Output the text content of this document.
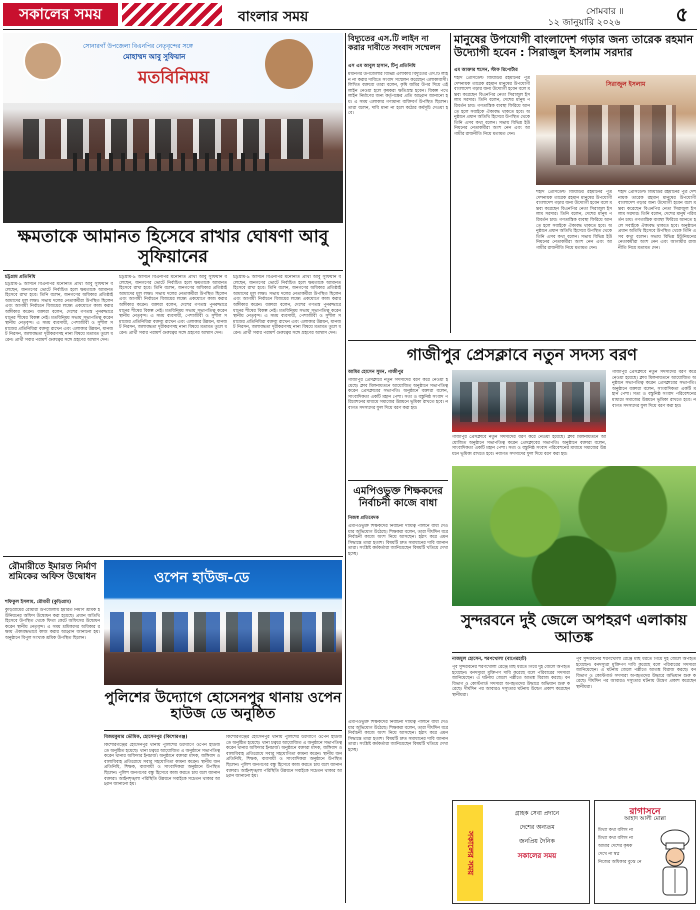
সকালের সময়	বাংলার সময়	সোমবার ॥
১২ জানুয়ারি ২০২৬	৫
সোনারগাঁ উপজেলা বিএনপির নেতৃবৃন্দের সঙ্গে
মোহাম্মদ আবু সুফিয়ান
মতবিনিময়
ক্ষমতাকে আমানত হিসেবে রাখার ঘোষণা আবু সুফিয়ানের
চট্টগ্রাম প্রতিনিধি
চট্টগ্রাম-৯ আসনে বিএনপির মনোনীত প্রার্থী আবু সুফিয়ান বলেছেন, জনগণের ভোটে নির্বাচিত হলে ক্ষমতাকে আমানত হিসেবে রাখা হবে। তিনি বলেন, জনগণের অধিকার প্রতিষ্ঠাই আমাদের মূল লক্ষ্য। সভায় দলের নেতাকর্মীরা উপস্থিত ছিলেন এবং আগামী নির্বাচনে বিজয়ের লক্ষ্যে একযোগে কাজ করার অঙ্গীকার করেন। বক্তারা বলেন, দেশের গণতন্ত্র পুনরুদ্ধারে ধানের শীষের বিকল্প নেই। মতবিনিময় সভায় সভাপতিত্ব করেন স্থানীয় নেতৃবৃন্দ। এ সময় ব্যবসায়ী, পেশাজীবী ও সুশীল সমাজের প্রতিনিধিরা বক্তব্য রাখেন এবং এলাকার উন্নয়ন, যানজট নিরসন, জলাবদ্ধতা দূরীকরণসহ নানা বিষয়ে মতামত তুলে ধরেন। প্রার্থী সবার পরামর্শ গুরুত্বের সঙ্গে গ্রহণের আশ্বাস দেন।
চট্টগ্রাম-৯ আসনে বিএনপির মনোনীত প্রার্থী আবু সুফিয়ান বলেছেন, জনগণের ভোটে নির্বাচিত হলে ক্ষমতাকে আমানত হিসেবে রাখা হবে। তিনি বলেন, জনগণের অধিকার প্রতিষ্ঠাই আমাদের মূল লক্ষ্য। সভায় দলের নেতাকর্মীরা উপস্থিত ছিলেন এবং আগামী নির্বাচনে বিজয়ের লক্ষ্যে একযোগে কাজ করার অঙ্গীকার করেন। বক্তারা বলেন, দেশের গণতন্ত্র পুনরুদ্ধারে ধানের শীষের বিকল্প নেই। মতবিনিময় সভায় সভাপতিত্ব করেন স্থানীয় নেতৃবৃন্দ। এ সময় ব্যবসায়ী, পেশাজীবী ও সুশীল সমাজের প্রতিনিধিরা বক্তব্য রাখেন এবং এলাকার উন্নয়ন, যানজট নিরসন, জলাবদ্ধতা দূরীকরণসহ নানা বিষয়ে মতামত তুলে ধরেন। প্রার্থী সবার পরামর্শ গুরুত্বের সঙ্গে গ্রহণের আশ্বাস দেন।
চট্টগ্রাম-৯ আসনে বিএনপির মনোনীত প্রার্থী আবু সুফিয়ান বলেছেন, জনগণের ভোটে নির্বাচিত হলে ক্ষমতাকে আমানত হিসেবে রাখা হবে। তিনি বলেন, জনগণের অধিকার প্রতিষ্ঠাই আমাদের মূল লক্ষ্য। সভায় দলের নেতাকর্মীরা উপস্থিত ছিলেন এবং আগামী নির্বাচনে বিজয়ের লক্ষ্যে একযোগে কাজ করার অঙ্গীকার করেন। বক্তারা বলেন, দেশের গণতন্ত্র পুনরুদ্ধারে ধানের শীষের বিকল্প নেই। মতবিনিময় সভায় সভাপতিত্ব করেন স্থানীয় নেতৃবৃন্দ। এ সময় ব্যবসায়ী, পেশাজীবী ও সুশীল সমাজের প্রতিনিধিরা বক্তব্য রাখেন এবং এলাকার উন্নয়ন, যানজট নিরসন, জলাবদ্ধতা দূরীকরণসহ নানা বিষয়ে মতামত তুলে ধরেন। প্রার্থী সবার পরামর্শ গুরুত্বের সঙ্গে গ্রহণের আশ্বাস দেন।
বিদ্যুতের এস.টি লাইন না করার দাবীতে সংবাদ সম্মেলন
এস এম আবুল হাসান, টিপু প্রতিনিধি
মধ্যনগর উপজেলার বিভিন্ন এলাকায় বিদ্যুতের এস.টি লাইন না করার দাবিতে সংবাদ সম্মেলন করেছেন এলাকাবাসী। লিখিত বক্তব্যে তারা বলেন, কৃষি জমির উপর দিয়ে এই লাইন নেওয়া হলে কৃষকরা ক্ষতিগ্রস্ত হবেন। বিকল্প পথে লাইন নির্মাণের জন্য কর্তৃপক্ষের প্রতি আহ্বান জানানো হয়। এ সময় এলাকার গণ্যমান্য ব্যক্তিবর্গ উপস্থিত ছিলেন। তারা বলেন, দাবি মানা না হলে কঠোর কর্মসূচি দেওয়া হবে।
মানুষের উপযোগী বাংলাদেশ গড়ার জন্য তারেক রহমান উদ্যোগী হবেন : সিরাজুল ইসলাম সরদার
এম আক্তার হুসেন, স্টাফ রিপোর্টার
শহীদ প্রেসিডেন্ট জিয়াউর রহমানের পুত্র দেশনায়ক তারেক রহমান মানুষের উপযোগী বাংলাদেশ গড়ার জন্য উদ্যোগী হবেন বলে মন্তব্য করেছেন বিএনপির নেতা সিরাজুল ইসলাম সরদার। তিনি বলেন, দেশের মানুষ পরিবর্তন চায়। গণতান্ত্রিক ব্যবস্থা ফিরিয়ে আনতে হলে সবাইকে ঐক্যবদ্ধ থাকতে হবে। অনুষ্ঠানে প্রধান অতিথি হিসেবে উপস্থিত থেকে তিনি এসব কথা বলেন। সভায় বিভিন্ন ইউনিয়নের নেতাকর্মীরা অংশ নেন এবং আগামীর রাজনীতি নিয়ে মতামত দেন।
সিরাজুল ইসলাম
শহীদ প্রেসিডেন্ট জিয়াউর রহমানের পুত্র দেশনায়ক তারেক রহমান মানুষের উপযোগী বাংলাদেশ গড়ার জন্য উদ্যোগী হবেন বলে মন্তব্য করেছেন বিএনপির নেতা সিরাজুল ইসলাম সরদার। তিনি বলেন, দেশের মানুষ পরিবর্তন চায়। গণতান্ত্রিক ব্যবস্থা ফিরিয়ে আনতে হলে সবাইকে ঐক্যবদ্ধ থাকতে হবে। অনুষ্ঠানে প্রধান অতিথি হিসেবে উপস্থিত থেকে তিনি এসব কথা বলেন। সভায় বিভিন্ন ইউনিয়নের নেতাকর্মীরা অংশ নেন এবং আগামীর রাজনীতি নিয়ে মতামত দেন।
শহীদ প্রেসিডেন্ট জিয়াউর রহমানের পুত্র দেশনায়ক তারেক রহমান মানুষের উপযোগী বাংলাদেশ গড়ার জন্য উদ্যোগী হবেন বলে মন্তব্য করেছেন বিএনপির নেতা সিরাজুল ইসলাম সরদার। তিনি বলেন, দেশের মানুষ পরিবর্তন চায়। গণতান্ত্রিক ব্যবস্থা ফিরিয়ে আনতে হলে সবাইকে ঐক্যবদ্ধ থাকতে হবে। অনুষ্ঠানে প্রধান অতিথি হিসেবে উপস্থিত থেকে তিনি এসব কথা বলেন। সভায় বিভিন্ন ইউনিয়নের নেতাকর্মীরা অংশ নেন এবং আগামীর রাজনীতি নিয়ে মতামত দেন।
গাজীপুর প্রেসক্লাবে নতুন সদস্য বরণ
আমির হোসেন সুমন, গাজীপুর
গাজীপুর প্রেসক্লাবে নতুন সদস্যদের বরণ করে নেওয়া হয়েছে। ক্লাব মিলনায়তনে আয়োজিত অনুষ্ঠানে সভাপতিত্ব করেন প্রেসক্লাবের সভাপতি। অনুষ্ঠানে বক্তারা বলেন, সাংবাদিকতা একটি মহান পেশা। সত্য ও বস্তুনিষ্ঠ সংবাদ পরিবেশনের মাধ্যমে সমাজের উন্নয়নে ভূমিকা রাখতে হবে। নবাগত সদস্যদের ফুল দিয়ে বরণ করা হয়।
গাজীপুর প্রেসক্লাবে নতুন সদস্যদের বরণ করে নেওয়া হয়েছে। ক্লাব মিলনায়তনে আয়োজিত অনুষ্ঠানে সভাপতিত্ব করেন প্রেসক্লাবের সভাপতি। অনুষ্ঠানে বক্তারা বলেন, সাংবাদিকতা একটি মহান পেশা। সত্য ও বস্তুনিষ্ঠ সংবাদ পরিবেশনের মাধ্যমে সমাজের উন্নয়নে ভূমিকা রাখতে হবে। নবাগত সদস্যদের ফুল দিয়ে বরণ করা হয়।
গাজীপুর প্রেসক্লাবে নতুন সদস্যদের বরণ করে নেওয়া হয়েছে। ক্লাব মিলনায়তনে আয়োজিত অনুষ্ঠানে সভাপতিত্ব করেন প্রেসক্লাবের সভাপতি। অনুষ্ঠানে বক্তারা বলেন, সাংবাদিকতা একটি মহান পেশা। সত্য ও বস্তুনিষ্ঠ সংবাদ পরিবেশনের মাধ্যমে সমাজের উন্নয়নে ভূমিকা রাখতে হবে। নবাগত সদস্যদের ফুল দিয়ে বরণ করা হয়।
এমপিওভুক্ত শিক্ষকদের নির্বাচনী কাজে বাধা
নিজস্ব প্রতিবেদক
এমপিওভুক্ত শিক্ষকদের নির্বাচনী দায়িত্ব পালনে বাধা দেওয়ার অভিযোগ উঠেছে। শিক্ষকরা বলেন, তারা দীর্ঘদিন ধরে নির্বাচনী কাজে অংশ নিয়ে আসছেন। হঠাৎ করে এমন সিদ্ধান্তে তারা হতাশ। বিষয়টি দ্রুত সমাধানের দাবি জানান তারা। সংশ্লিষ্ট কর্মকর্তারা জানিয়েছেন বিষয়টি খতিয়ে দেখা হচ্ছে।
সুন্দরবনে দুই জেলে অপহরণ এলাকায় আতঙ্ক
নাজমুল হোসেন, শরণখোলা (বাগেরহাট)
পূর্ব সুন্দরবনের শরণখোলা রেঞ্জে মাছ ধরতে গিয়ে দুই জেলে অপহৃত হয়েছেন। বনদস্যুরা মুক্তিপণ দাবি করেছে বলে পরিবারের সদস্যরা জানিয়েছেন। এ ঘটনায় জেলে পল্লীতে আতঙ্ক বিরাজ করছে। বন বিভাগ ও কোস্টগার্ড সদস্যরা অপহৃতদের উদ্ধারে অভিযান শুরু করেছে। দীর্ঘদিন পর আবারও দস্যুতার ঘটনায় উদ্বেগ প্রকাশ করেছেন স্থানীয়রা।
পূর্ব সুন্দরবনের শরণখোলা রেঞ্জে মাছ ধরতে গিয়ে দুই জেলে অপহৃত হয়েছেন। বনদস্যুরা মুক্তিপণ দাবি করেছে বলে পরিবারের সদস্যরা জানিয়েছেন। এ ঘটনায় জেলে পল্লীতে আতঙ্ক বিরাজ করছে। বন বিভাগ ও কোস্টগার্ড সদস্যরা অপহৃতদের উদ্ধারে অভিযান শুরু করেছে। দীর্ঘদিন পর আবারও দস্যুতার ঘটনায় উদ্বেগ প্রকাশ করেছেন স্থানীয়রা।
এমপিওভুক্ত শিক্ষকদের নির্বাচনী দায়িত্ব পালনে বাধা দেওয়ার অভিযোগ উঠেছে। শিক্ষকরা বলেন, তারা দীর্ঘদিন ধরে নির্বাচনী কাজে অংশ নিয়ে আসছেন। হঠাৎ করে এমন সিদ্ধান্তে তারা হতাশ। বিষয়টি দ্রুত সমাধানের দাবি জানান তারা। সংশ্লিষ্ট কর্মকর্তারা জানিয়েছেন বিষয়টি খতিয়ে দেখা হচ্ছে।
রৌমারীতে ইমারত নির্মাণ শ্রমিকের অফিস উদ্বোধন
শফিকুল ইসলাম, রৌমারী (কুড়িগ্রাম)
কুড়িগ্রামের রৌমারী উপজেলায় ইমারত নির্মাণ শ্রমিক ইউনিয়নের অফিস উদ্বোধন করা হয়েছে। প্রধান অতিথি হিসেবে উপস্থিত থেকে ফিতা কেটে অফিসের উদ্বোধন করেন স্থানীয় নেতৃবৃন্দ। এ সময় শ্রমিকদের অধিকার রক্ষায় ঐক্যবদ্ধভাবে কাজ করার আহ্বান জানানো হয়। অনুষ্ঠানে বিপুল সংখ্যক শ্রমিক উপস্থিত ছিলেন।
ওপেন হাউজ-ডে
পুলিশের উদ্যোগে হোসেনপুর থানায় ওপেন হাউজ ডে অনুষ্ঠিত
বিজয়কুমার ভৌমিক, হোসেনপুর (কিশোরগঞ্জ)
কিশোরগঞ্জের হোসেনপুর থানায় পুলিশের উদ্যোগে ওপেন হাউজ ডে অনুষ্ঠিত হয়েছে। থানা চত্বরে আয়োজিত এ অনুষ্ঠানে সভাপতিত্ব করেন থানার অফিসার ইনচার্জ। অনুষ্ঠানে বক্তারা মাদক, জঙ্গিবাদ ও বাল্যবিবাহ প্রতিরোধে সবার সহযোগিতা কামনা করেন। স্থানীয় জনপ্রতিনিধি, শিক্ষক, ব্যবসায়ী ও সাংবাদিকরা অনুষ্ঠানে উপস্থিত ছিলেন। পুলিশ জনগণের বন্ধু হিসেবে কাজ করতে চায় বলে জানান বক্তারা। আইনশৃঙ্খলা পরিস্থিতি উন্নয়নে সবাইকে সচেতন থাকার আহ্বান জানানো হয়।
কিশোরগঞ্জের হোসেনপুর থানায় পুলিশের উদ্যোগে ওপেন হাউজ ডে অনুষ্ঠিত হয়েছে। থানা চত্বরে আয়োজিত এ অনুষ্ঠানে সভাপতিত্ব করেন থানার অফিসার ইনচার্জ। অনুষ্ঠানে বক্তারা মাদক, জঙ্গিবাদ ও বাল্যবিবাহ প্রতিরোধে সবার সহযোগিতা কামনা করেন। স্থানীয় জনপ্রতিনিধি, শিক্ষক, ব্যবসায়ী ও সাংবাদিকরা অনুষ্ঠানে উপস্থিত ছিলেন। পুলিশ জনগণের বন্ধু হিসেবে কাজ করতে চায় বলে জানান বক্তারা। আইনশৃঙ্খলা পরিস্থিতি উন্নয়নে সবাইকে সচেতন থাকার আহ্বান জানানো হয়।
সকালের সময়
গ্রাহক সেবা প্রদানে
দেশের অন্যতম
জনপ্রিয় দৈনিক
সকালের সময়
রাগাসনে
আহাদ আলী মোল্লা
মিথ্যা কথা বলিস না
মিথ্যা কথা বলিস না
আমার দেশের কৃষক
দেখে না স্বপ্ন
নিজের অধিকার বুঝে নে
